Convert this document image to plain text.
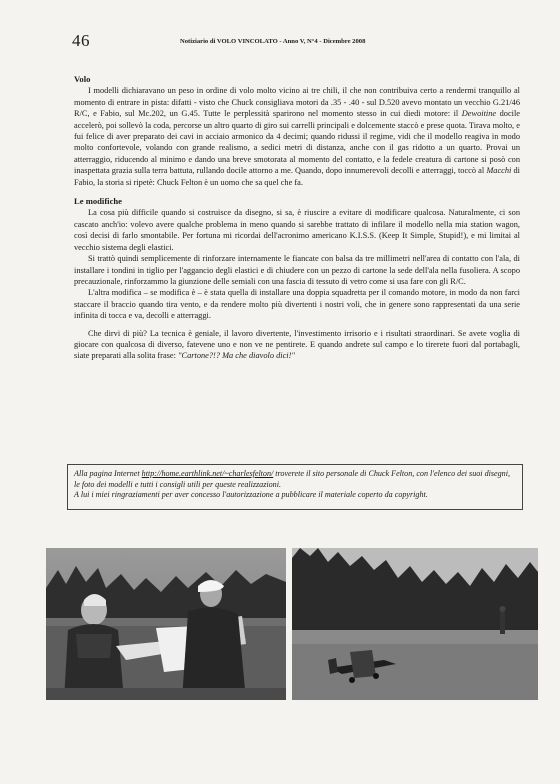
46	Notiziario di VOLO VINCOLATO - Anno V, N°4 - Dicembre 2008
Volo

I modelli dichiaravano un peso in ordine di volo molto vicino ai tre chili, il che non contribuiva certo a rendermi tranquillo al momento di entrare in pista: difatti - visto che Chuck consigliava motori da .35 - .40 - sul D.520 avevo montato un vecchio G.21/46 R/C, e Fabio, sul Mc.202, un G.45. Tutte le perplessità sparirono nel momento stesso in cui diedi motore: il Dewoitine docile accelerò, poi sollevò la coda, percorse un altro quarto di giro sui carrelli principali e dolcemente staccò e prese quota. Tirava molto, e fui felice di aver preparato dei cavi in acciaio armonico da 4 decimi; quando ridussi il regime, vidi che il modello reagiva in modo molto confortevole, volando con grande realismo, a sedici metri di distanza, anche con il gas ridotto a un quarto. Provai un atterraggio, riducendo al minimo e dando una breve smotorata al momento del contatto, e la fedele creatura di cartone si posò con inaspettata grazia sulla terra battuta, rullando docile attorno a me. Quando, dopo innumerevoli decolli e atterraggi, toccò al Macchi di Fabio, la storia si ripetè: Chuck Felton è un uomo che sa quel che fa.

Le modifiche

La cosa più difficile quando si costruisce da disegno, si sa, è riuscire a evitare di modificare qualcosa. Naturalmente, ci son cascato anch'io: volevo avere qualche problema in meno quando si sarebbe trattato di infilare il modello nella mia station wagon, così decisi di farlo smontabile. Per fortuna mi ricordai dell'acronimo americano K.I.S.S. (Keep It Simple, Stupid!), e mi limitai al vecchio sistema degli elastici.

Si trattò quindi semplicemente di rinforzare internamente le fiancate con balsa da tre millimetri nell'area di contatto con l'ala, di installare i tondini in tiglio per l'aggancio degli elastici e di chiudere con un pezzo di cartone la sede dell'ala nella fusoliera. A scopo precauzionale, rinforzammo la giunzione delle semiali con una fascia di tessuto di vetro come si usa fare con gli R/C.

L'altra modifica – se modifica è – è stata quella di installare una doppia squadretta per il comando motore, in modo da non farci staccare il braccio quando tira vento, e da rendere molto più divertenti i nostri voli, che in genere sono rappresentati da una serie infinita di tocca e va, decolli e atterraggi.

Che dirvi di più? La tecnica è geniale, il lavoro divertente, l'investimento irrisorio e i risultati straordinari. Se avete voglia di giocare con qualcosa di diverso, fatevene uno e non ve ne pentirete. E quando andrete sul campo e lo tirerete fuori dal portabagli, siate preparati alla solita frase: "Cartone?!? Ma che diavolo dici!"

Alla pagina Internet http://home.earthlink.net/~charlesfelton/ troverete il sito personale di Chuck Felton, con l'elenco dei suoi disegni, le foto dei modelli e tutti i consigli utili per queste realizzazioni.
A lui i miei ringraziamenti per aver concesso l'autorizzazione a pubblicare il materiale coperto da copyright.
